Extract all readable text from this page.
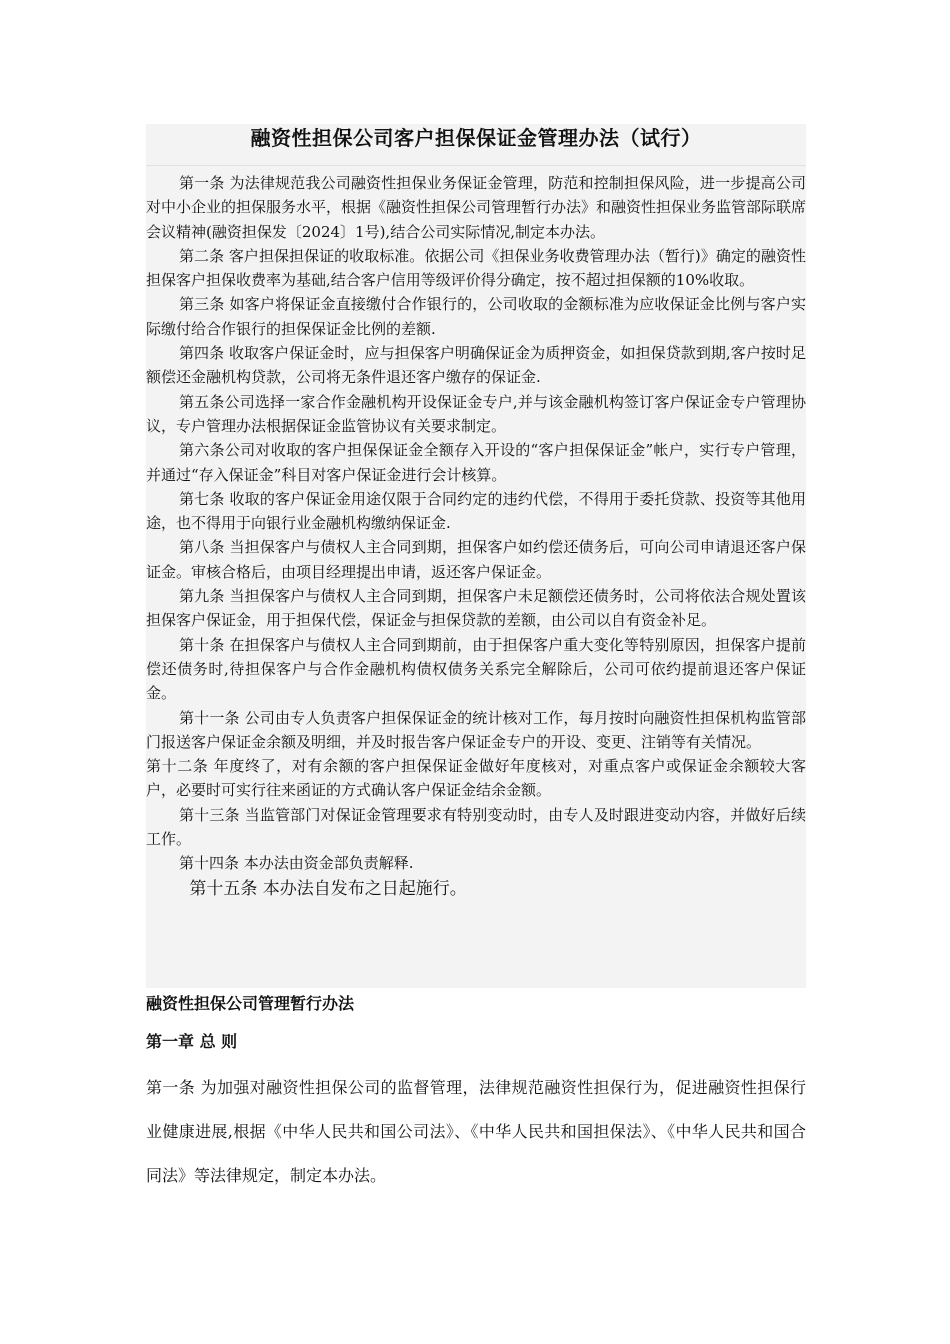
融资性担保公司客户担保保证金管理办法（试行）

第一条 为法律规范我公司融资性担保业务保证金管理，防范和控制担保风险，进一步提高公司对中小企业的担保服务水平，根据《融资性担保公司管理暂行办法》和融资性担保业务监管部际联席会议精神(融资担保发〔2024〕1号),结合公司实际情况,制定本办法。

第二条 客户担保担保证的收取标准。依据公司《担保业务收费管理办法（暂行)》确定的融资性担保客户担保收费率为基础,结合客户信用等级评价得分确定，按不超过担保额的10%收取。

第三条 如客户将保证金直接缴付合作银行的，公司收取的金额标准为应收保证金比例与客户实际缴付给合作银行的担保保证金比例的差额.

第四条 收取客户保证金时，应与担保客户明确保证金为质押资金，如担保贷款到期,客户按时足额偿还金融机构贷款，公司将无条件退还客户缴存的保证金.

第五条公司选择一家合作金融机构开设保证金专户,并与该金融机构签订客户保证金专户管理协议，专户管理办法根据保证金监管协议有关要求制定。

第六条公司对收取的客户担保保证金全额存入开设的“客户担保保证金”帐户，实行专户管理，并通过“存入保证金”科目对客户保证金进行会计核算。

第七条 收取的客户保证金用途仅限于合同约定的违约代偿，不得用于委托贷款、投资等其他用途，也不得用于向银行业金融机构缴纳保证金.

第八条 当担保客户与债权人主合同到期，担保客户如约偿还债务后，可向公司申请退还客户保证金。审核合格后，由项目经理提出申请，返还客户保证金。

第九条 当担保客户与债权人主合同到期，担保客户未足额偿还债务时，公司将依法合规处置该担保客户保证金，用于担保代偿，保证金与担保贷款的差额，由公司以自有资金补足。

第十条 在担保客户与债权人主合同到期前，由于担保客户重大变化等特别原因，担保客户提前偿还债务时,待担保客户与合作金融机构债权债务关系完全解除后，公司可依约提前退还客户保证金。

第十一条 公司由专人负责客户担保保证金的统计核对工作，每月按时向融资性担保机构监管部门报送客户保证金余额及明细，并及时报告客户保证金专户的开设、变更、注销等有关情况。

第十二条 年度终了，对有余额的客户担保保证金做好年度核对，对重点客户或保证金余额较大客户，必要时可实行往来函证的方式确认客户保证金结余金额。

第十三条 当监管部门对保证金管理要求有特别变动时，由专人及时跟进变动内容，并做好后续工作。

第十四条 本办法由资金部负责解释.

第十五条 本办法自发布之日起施行。

融资性担保公司管理暂行办法
第一章 总 则
第一条 为加强对融资性担保公司的监督管理，法律规范融资性担保行为，促进融资性担保行业健康进展,根据《中华人民共和国公司法》、《中华人民共和国担保法》、《中华人民共和国合同法》等法律规定，制定本办法。
